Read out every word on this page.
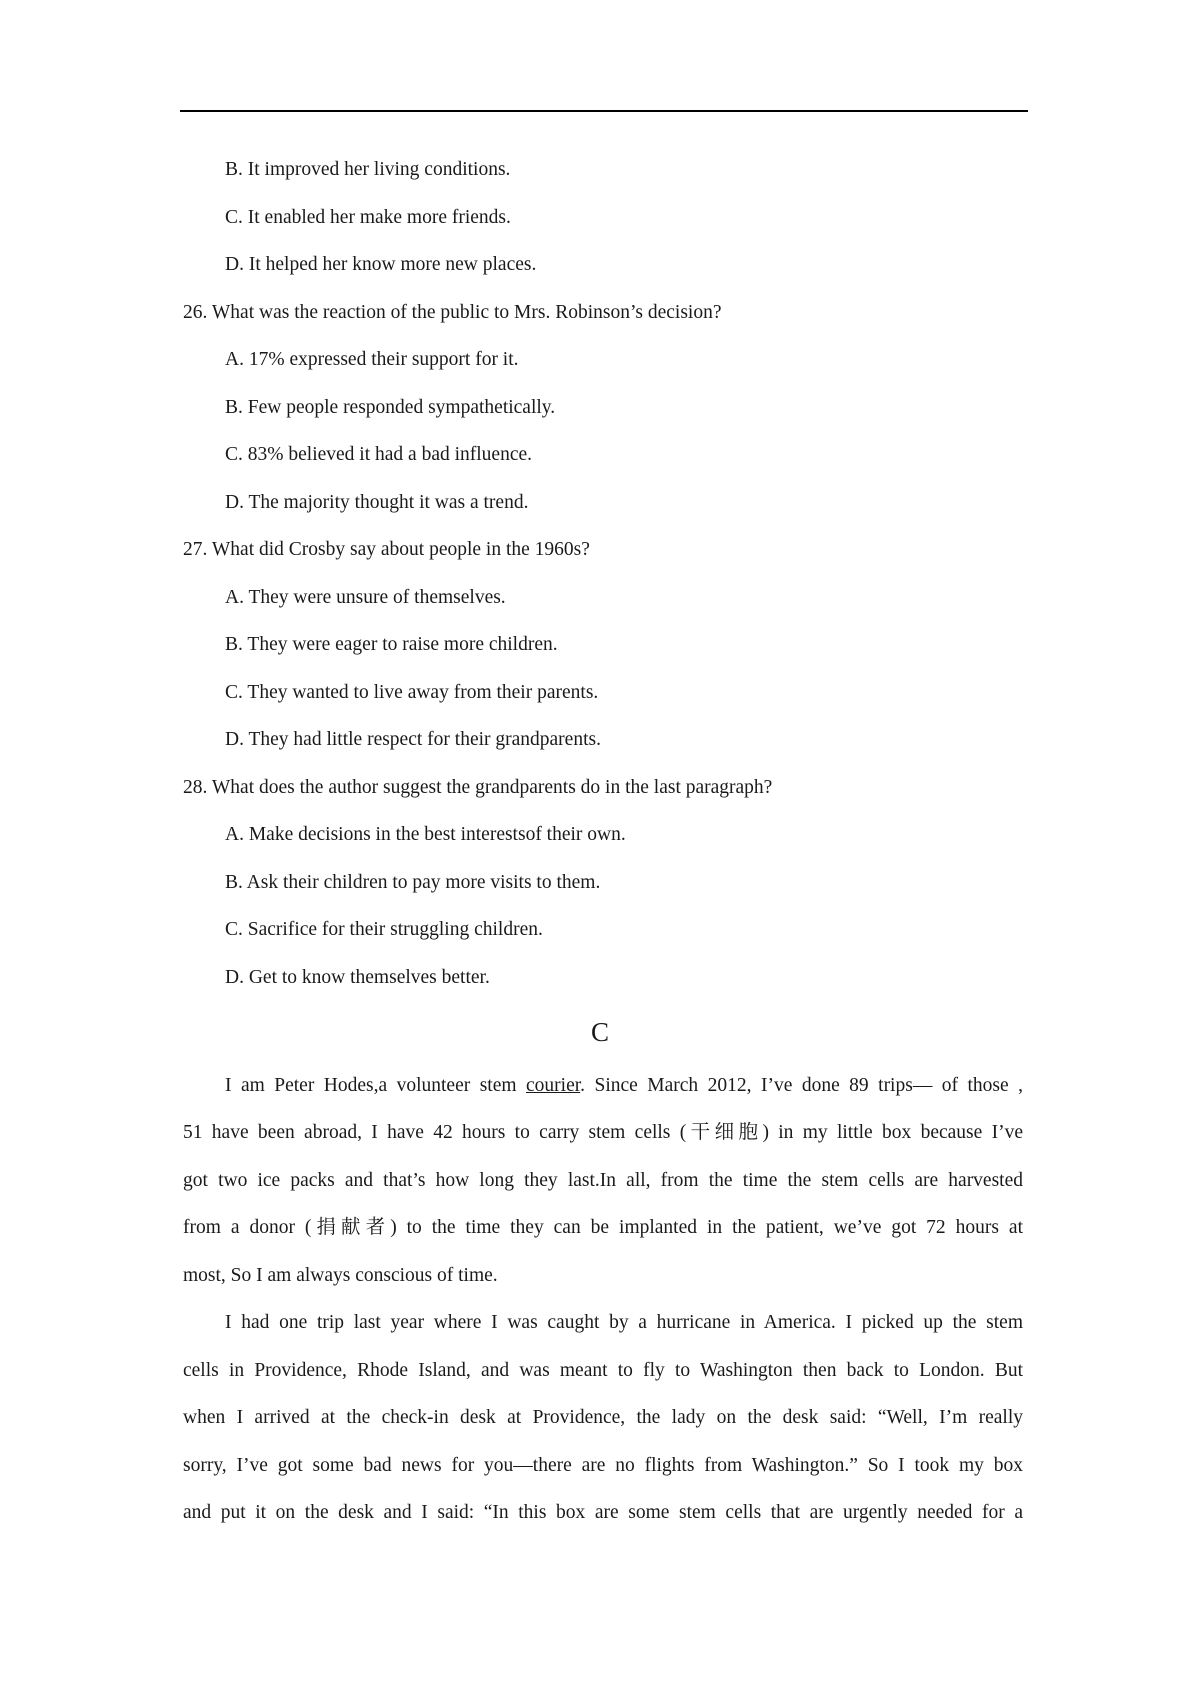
B. It improved her living conditions.
C. It enabled her make more friends.
D. It helped her know more new places.
26. What was the reaction of the public to Mrs. Robinson’s decision?
A. 17% expressed their support for it.
B. Few people responded sympathetically.
C. 83% believed it had a bad influence.
D. The majority thought it was a trend.
27. What did Crosby say about people in the 1960s?
A. They were unsure of themselves.
B. They were eager to raise more children.
C. They wanted to live away from their parents.
D. They had little respect for their grandparents.
28. What does the author suggest the grandparents do in the last paragraph?
A. Make decisions in the best interestsof their own.
B. Ask their children to pay more visits to them.
C. Sacrifice for their struggling children.
D. Get to know themselves better.
C
I am Peter Hodes,a volunteer stem courier. Since March 2012, I’ve done 89 trips— of those ,
51 have been abroad, I have 42 hours to carry stem cells (干细胞) in my little box because I’ve
got two ice packs and that’s how long they last.In all, from the time the stem cells are harvested
from a donor (捐献者) to the time they can be implanted in the patient, we’ve got 72 hours at
most, So I am always conscious of time.
I had one trip last year where I was caught by a hurricane in America. I picked up the stem
cells in Providence, Rhode Island, and was meant to fly to Washington then back to London. But
when I arrived at the check-in desk at Providence, the lady on the desk said: “Well, I’m really
sorry, I’ve got some bad news for you—there are no flights from Washington.” So I took my box
and put it on the desk and I said: “In this box are some stem cells that are urgently needed for a
